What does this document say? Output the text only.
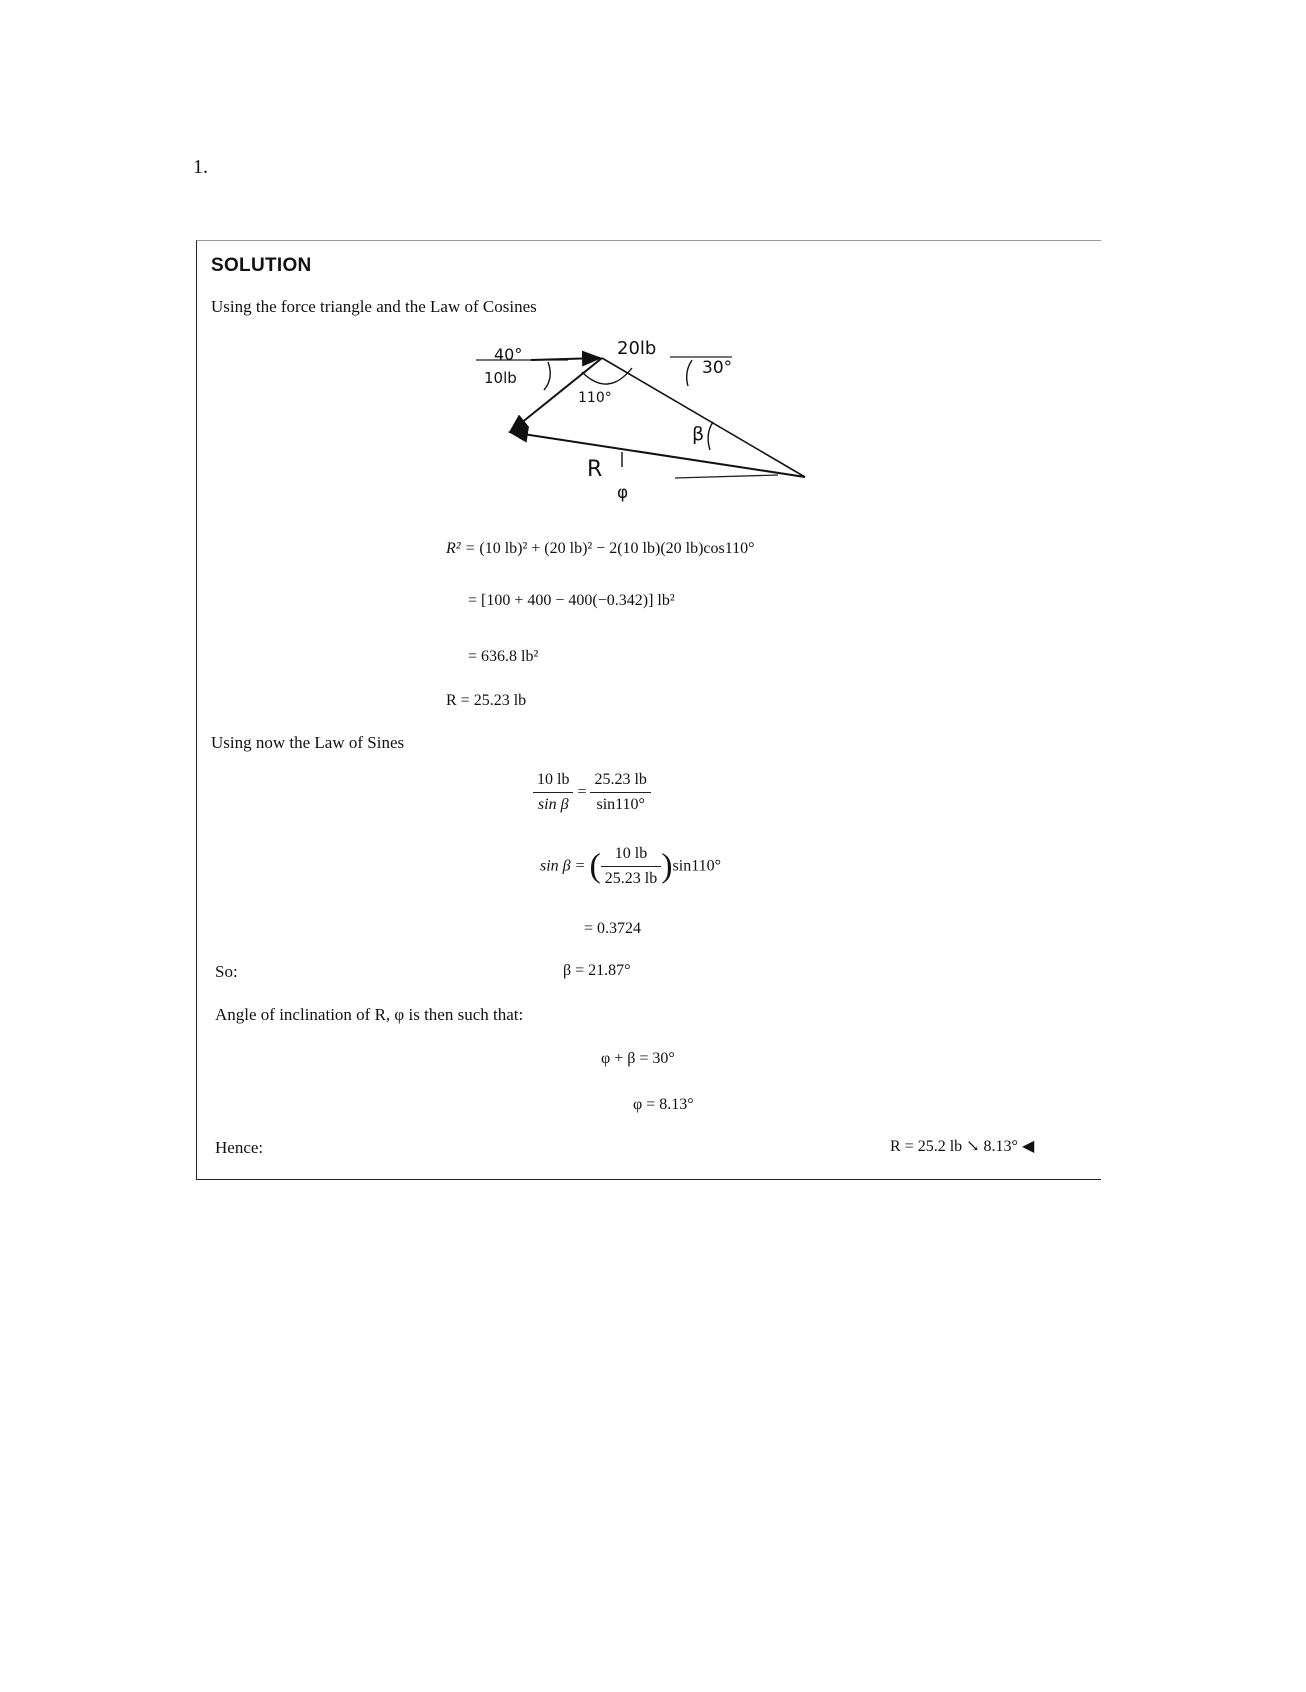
1.
SOLUTION
Using the force triangle and the Law of Cosines
40°
10lb
20lb
30°
110°
β
R
φ
R² = (10 lb)² + (20 lb)² − 2(10 lb)(20 lb)cos110°
= [100 + 400 − 400(−0.342)] lb²
= 636.8 lb²
R = 25.23 lb
Using now the Law of Sines
$\frac{10 lb}{\text{sin β}} = \frac{25.23 lb}{\sin 110^\circ}$
sin β = ( $\frac{10 lb}{25.23 lb} )\sin 110^\circ$
= 0.3724
So:	β = 21.87°
Angle of inclination of R, φ is then such that:
φ + β = 30°
φ = 8.13°
Hence:	R = 25.2 lb ↘ 8.13° ◀
